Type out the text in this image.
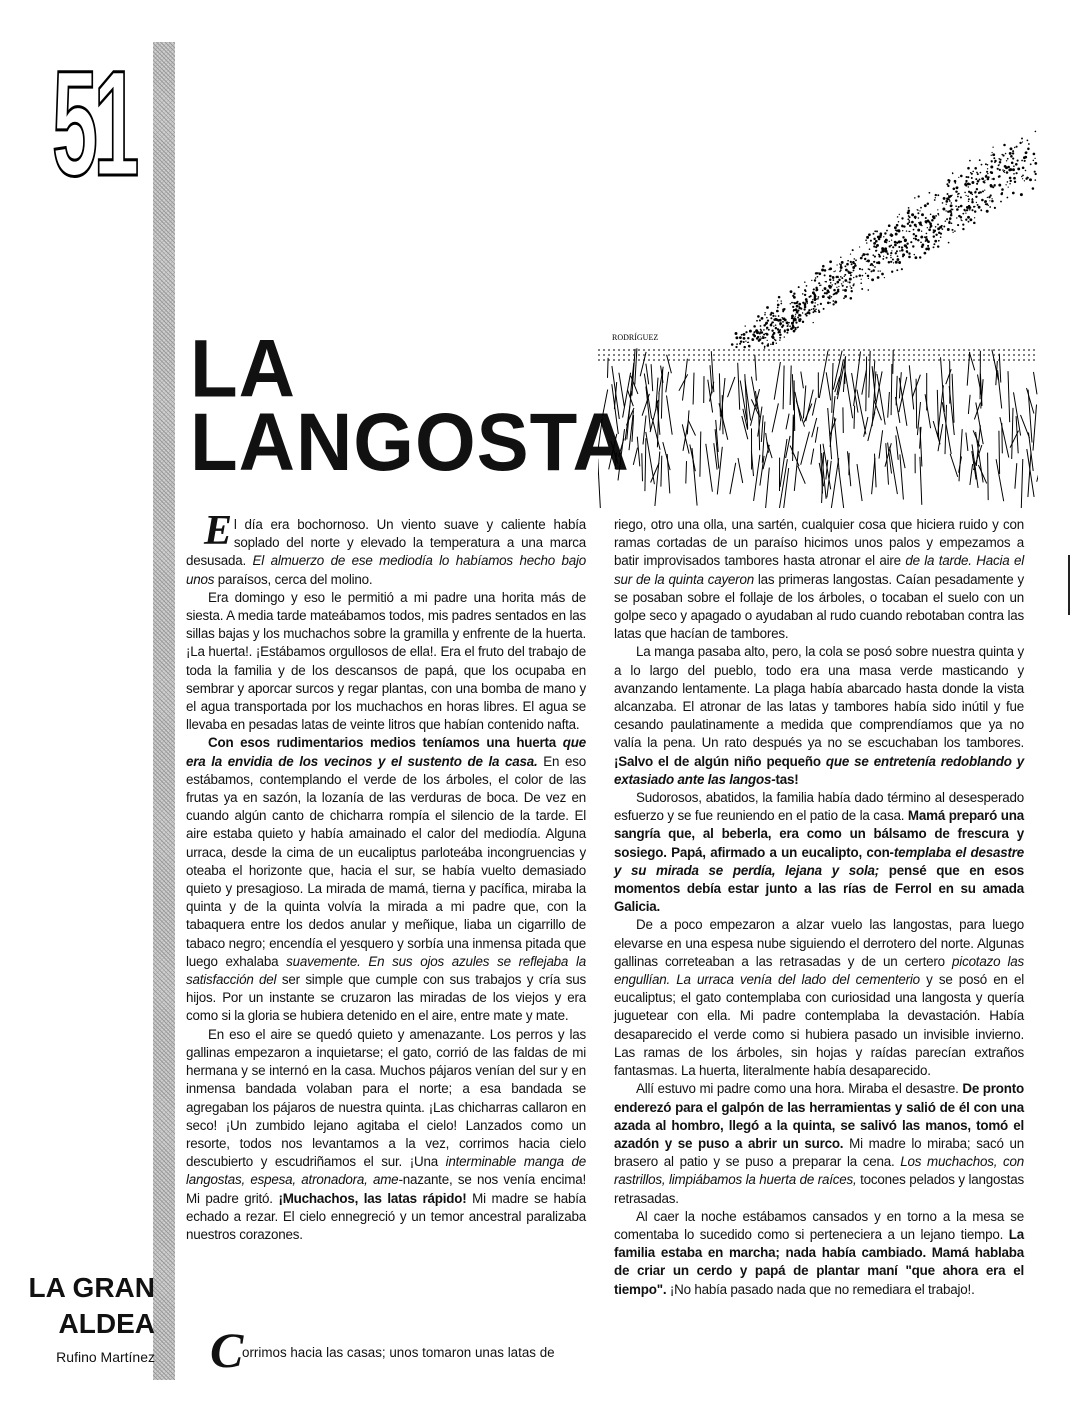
51
LA
LANGOSTA
RODRÍGUEZ
E l día era bochornoso. Un viento suave y caliente había soplado del norte y elevado la temperatura a una marca desusada. El almuerzo de ese mediodía lo habíamos hecho bajo unos paraísos, cerca del molino.

Era domingo y eso le permitió a mi padre una horita más de siesta. A media tarde mateábamos todos, mis padres sentados en las sillas bajas y los muchachos sobre la gramilla y enfrente de la huerta. ¡La huerta!. ¡Estábamos orgullosos de ella!. Era el fruto del trabajo de toda la familia y de los descansos de papá, que los ocupaba en sembrar y aporcar surcos y regar plantas, con una bomba de mano y el agua transportada por los muchachos en horas libres. El agua se llevaba en pesadas latas de veinte litros que habían contenido nafta.

Con esos rudimentarios medios teníamos una huerta que era la envidia de los vecinos y el sustento de la casa. En eso estábamos, contemplando el verde de los árboles, el color de las frutas ya en sazón, la lozanía de las verduras de boca. De vez en cuando algún canto de chicharra rompía el silencio de la tarde. El aire estaba quieto y había amainado el calor del mediodía. Alguna urraca, desde la cima de un eucaliptus parloteába incongruencias y oteaba el horizonte que, hacia el sur, se había vuelto demasiado quieto y presagioso. La mirada de mamá, tierna y pacífica, miraba la quinta y de la quinta volvía la mirada a mi padre que, con la tabaquera entre los dedos anular y meñique, liaba un cigarrillo de tabaco negro; encendía el yesquero y sorbía una inmensa pitada que luego exhalaba suavemente. En sus ojos azules se reflejaba la satisfacción del ser simple que cumple con sus trabajos y cría sus hijos. Por un instante se cruzaron las miradas de los viejos y era como si la gloria se hubiera detenido en el aire, entre mate y mate.

En eso el aire se quedó quieto y amenazante. Los perros y las gallinas empezaron a inquietarse; el gato, corrió de las faldas de mi hermana y se internó en la casa. Muchos pájaros venían del sur y en inmensa bandada volaban para el norte; a esa bandada se agregaban los pájaros de nuestra quinta. ¡Las chicharras callaron en seco! ¡Un zumbido lejano agitaba el cielo! Lanzados como un resorte, todos nos levantamos a la vez, corrimos hacia cielo descubierto y escudriñamos el sur. ¡Una interminable manga de langostas, espesa, atronadora, ame-nazante, se nos venía encima! Mi padre gritó. ¡Muchachos, las latas rápido! Mi madre se había echado a rezar. El cielo ennegreció y un temor ancestral paralizaba nuestros corazones.

C
orrimos hacia las casas; unos tomaron unas latas de

riego, otro una olla, una sartén, cualquier cosa que hiciera ruido y con ramas cortadas de un paraíso hicimos unos palos y empezamos a batir improvisados tambores hasta atronar el aire de la tarde. Hacia el sur de la quinta cayeron las primeras langostas. Caían pesadamente y se posaban sobre el follaje de los árboles, o tocaban el suelo con un golpe seco y apagado o ayudaban al rudo cuando rebotaban contra las latas que hacían de tambores.

La manga pasaba alto, pero, la cola se posó sobre nuestra quinta y a lo largo del pueblo, todo era una masa verde masticando y avanzando lentamente. La plaga había abarcado hasta donde la vista alcanzaba. El atronar de las latas y tambores había sido inútil y fue cesando paulatinamente a medida que comprendíamos que ya no valía la pena. Un rato después ya no se escuchaban los tambores. ¡Salvo el de algún niño pequeño que se entretenía redoblando y extasiado ante las langos-tas!

Sudorosos, abatidos, la familia había dado término al desesperado esfuerzo y se fue reuniendo en el patio de la casa. Mamá preparó una sangría que, al beberla, era como un bálsamo de frescura y sosiego. Papá, afirmado a un eucalipto, con-templaba el desastre y su mirada se perdía, lejana y sola; pensé que en esos momentos debía estar junto a las rías de Ferrol en su amada Galicia.

De a poco empezaron a alzar vuelo las langostas, para luego elevarse en una espesa nube siguiendo el derrotero del norte. Algunas gallinas correteaban a las retrasadas y de un certero picotazo las engullían. La urraca venía del lado del cementerio y se posó en el eucaliptus; el gato contemplaba con curiosidad una langosta y quería juguetear con ella. Mi padre contemplaba la devastación. Había desaparecido el verde como si hubiera pasado un invisible invierno. Las ramas de los árboles, sin hojas y raídas parecían extraños fantasmas. La huerta, literalmente había desaparecido.

Allí estuvo mi padre como una hora. Miraba el desastre. De pronto enderezó para el galpón de las herramientas y salió de él con una azada al hombro, llegó a la quinta, se salivó las manos, tomó el azadón y se puso a abrir un surco. Mi madre lo miraba; sacó un brasero al patio y se puso a preparar la cena. Los muchachos, con rastrillos, limpiábamos la huerta de raíces, tocones pelados y langostas retrasadas.

Al caer la noche estábamos cansados y en torno a la mesa se comentaba lo sucedido como si perteneciera a un lejano tiempo. La familia estaba en marcha; nada había cambiado. Mamá hablaba de criar un cerdo y papá de plantar maní "que ahora era el tiempo". ¡No había pasado nada que no remediara el trabajo!.

LA GRAN
ALDEA
Rufino Martínez
